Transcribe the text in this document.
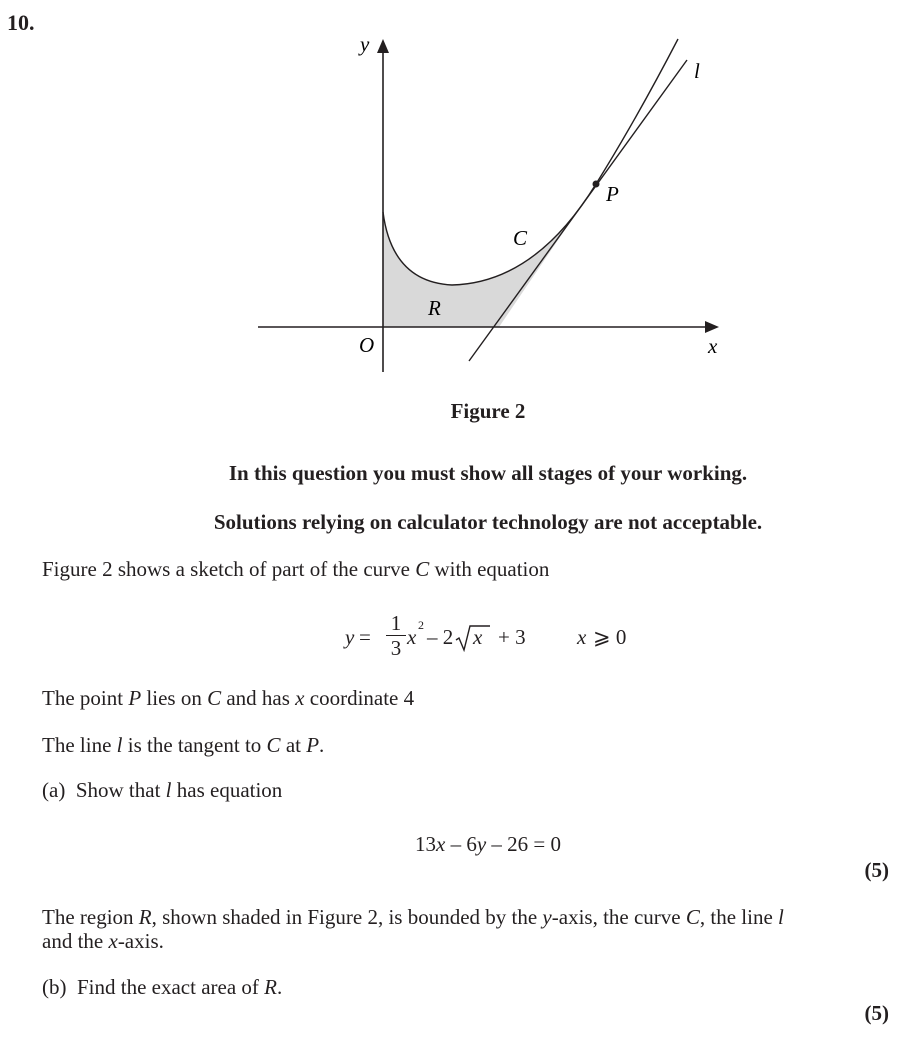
10.
y
x
O
C
l
P
R
Figure 2
In this question you must show all stages of your working.
Solutions relying on calculator technology are not acceptable.
Figure 2 shows a sketch of part of the curve C with equation
y =
1
3 x 2 – 2 x + 3 x ⩾ 0
The point P lies on C and has x coordinate 4
The line l is the tangent to C at P.
(a) Show that l has equation
13x – 6y – 26 = 0
(5)
The region R, shown shaded in Figure 2, is bounded by the y-axis, the curve C, the line l
and the x-axis.
(b) Find the exact area of R.
(5)
